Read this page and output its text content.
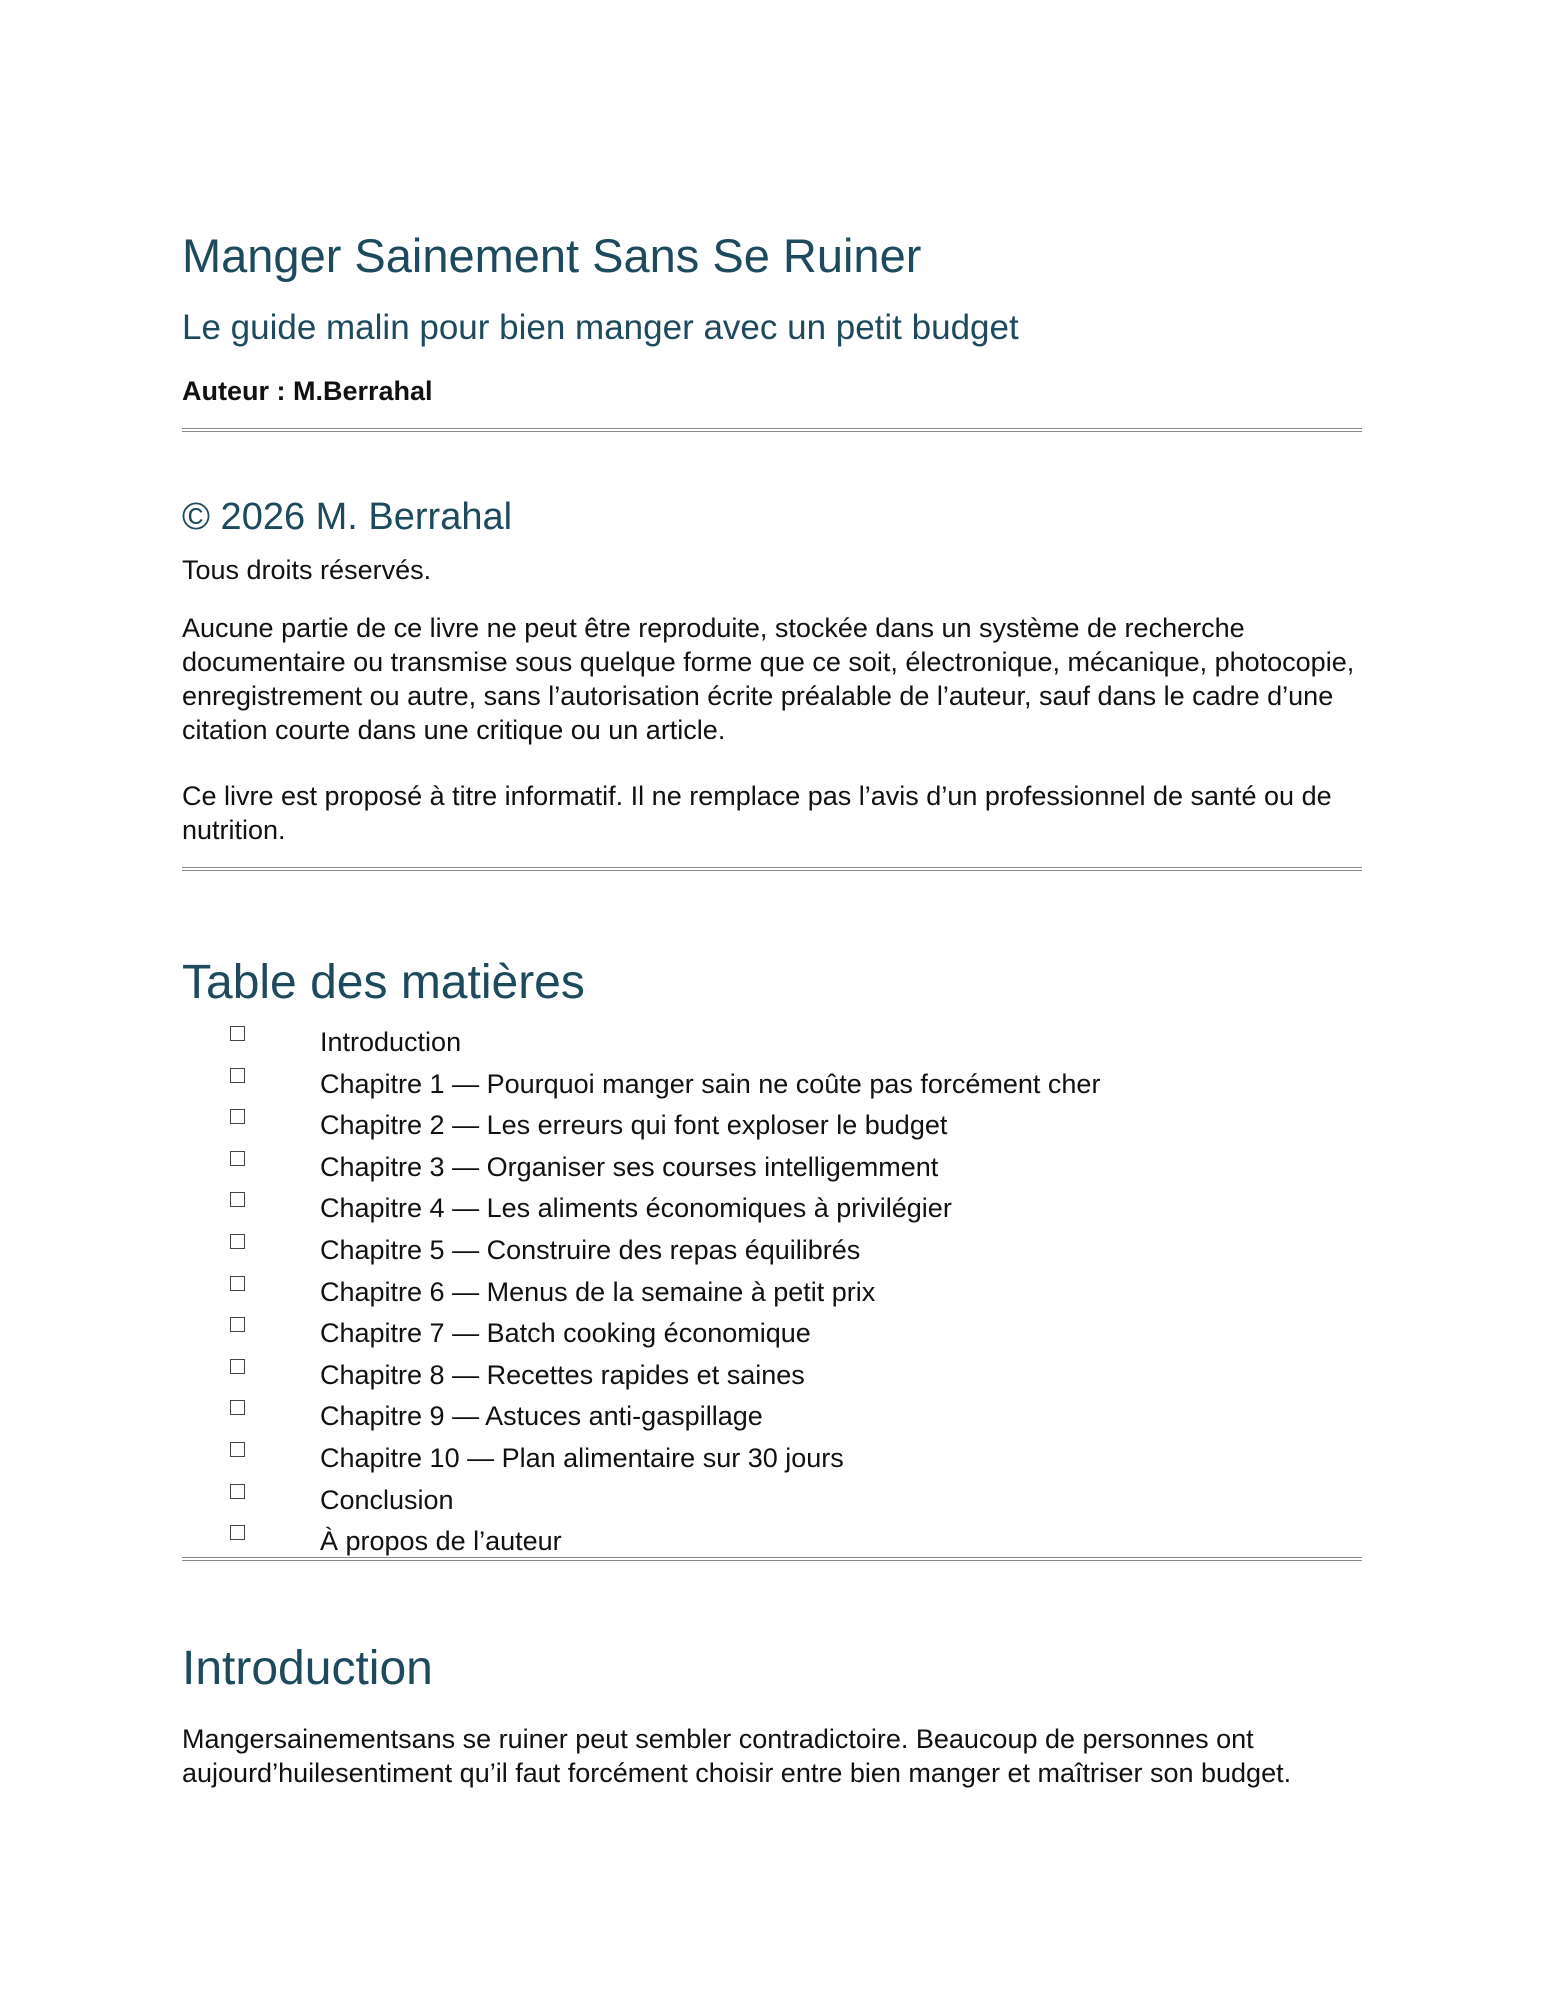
Manger Sainement Sans Se Ruiner
Le guide malin pour bien manger avec un petit budget

Auteur : M.Berrahal

© 2026 M. Berrahal

Tous droits réservés.

Aucune partie de ce livre ne peut être reproduite, stockée dans un système de recherche documentaire ou transmise sous quelque forme que ce soit, électronique, mécanique, photocopie, enregistrement ou autre, sans l’autorisation écrite préalable de l’auteur, sauf dans le cadre d’une citation courte dans une critique ou un article.

Ce livre est proposé à titre informatif. Il ne remplace pas l’avis d’un professionnel de santé ou de nutrition.

Table des matières
Introduction
Chapitre 1 — Pourquoi manger sain ne coûte pas forcément cher
Chapitre 2 — Les erreurs qui font exploser le budget
Chapitre 3 — Organiser ses courses intelligemment
Chapitre 4 — Les aliments économiques à privilégier
Chapitre 5 — Construire des repas équilibrés
Chapitre 6 — Menus de la semaine à petit prix
Chapitre 7 — Batch cooking économique
Chapitre 8 — Recettes rapides et saines
Chapitre 9 — Astuces anti-gaspillage
Chapitre 10 — Plan alimentaire sur 30 jours
Conclusion
À propos de l’auteur
Introduction

Mangersainementsans se ruiner peut sembler contradictoire. Beaucoup de personnes ont aujourd’huilesentiment qu’il faut forcément choisir entre bien manger et maîtriser son budget.
